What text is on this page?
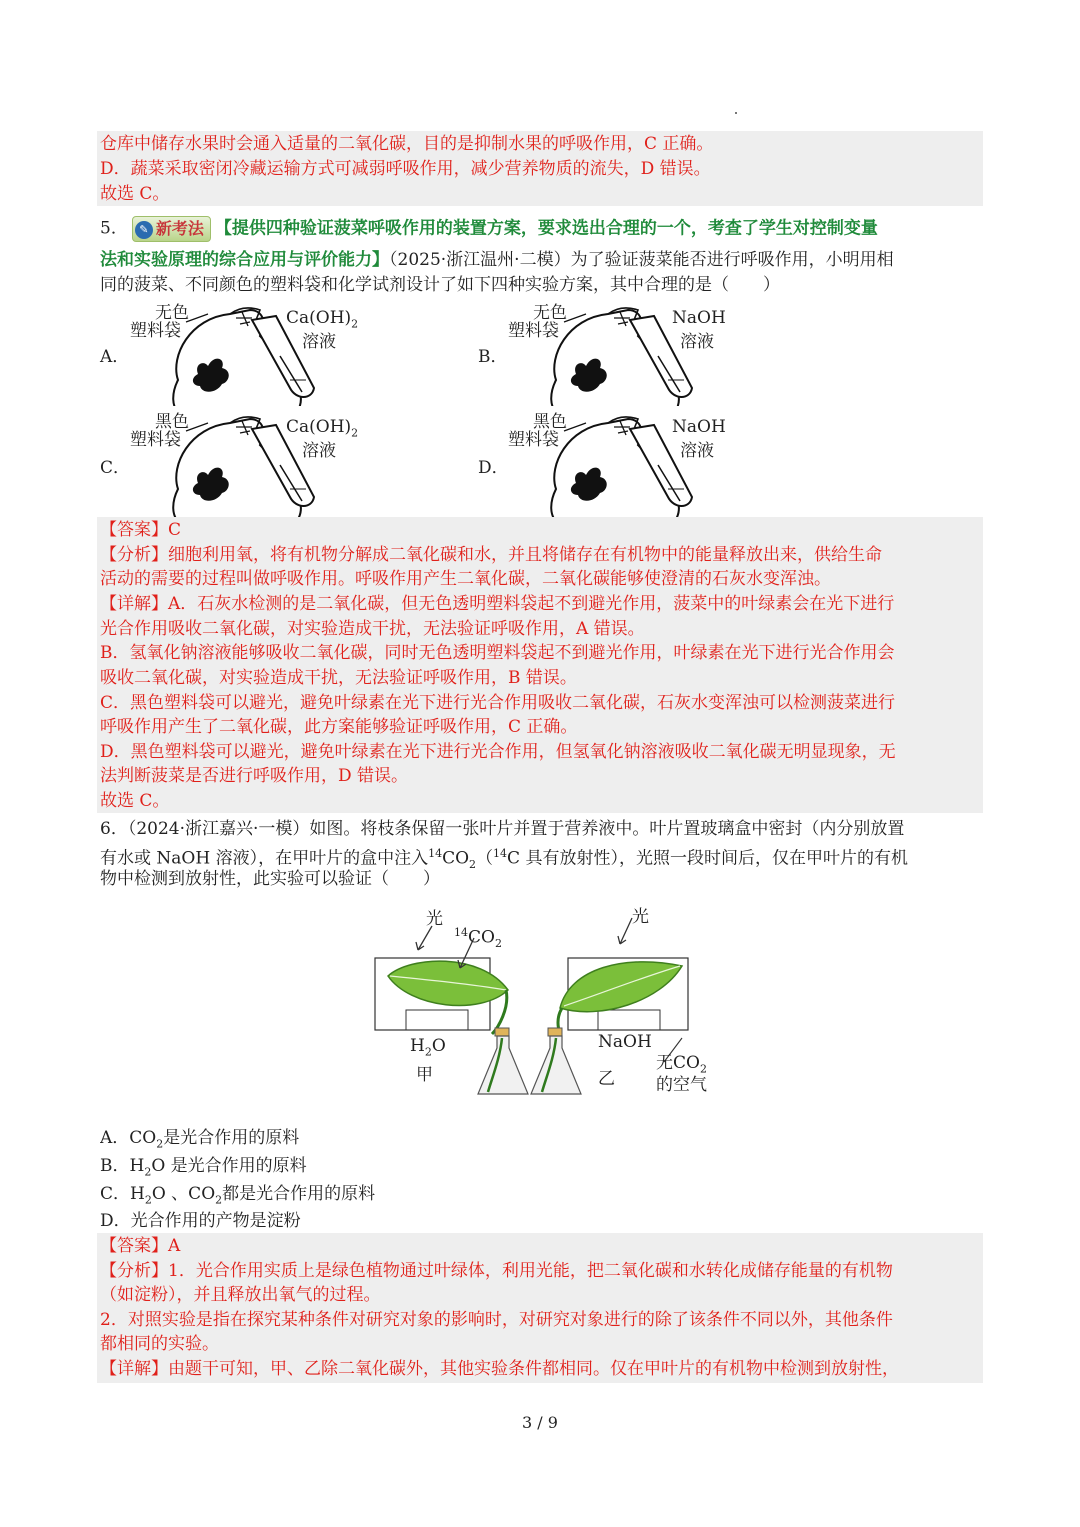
仓库中储存水果时会通入适量的二氧化碳，目的是抑制水果的呼吸作用，C 正确。
D．蔬菜采取密闭冷藏运输方式可减弱呼吸作用，减少营养物质的流失，D 错误。
故选 C。
5． ✎ 新考法 【提供四种验证菠菜呼吸作用的装置方案，要求选出合理的一个，考查了学生对控制变量
法和实验原理的综合应用与评价能力】（2025·浙江温州·二模）为了验证菠菜能否进行呼吸作用，小明用相
同的菠菜、不同颜色的塑料袋和化学试剂设计了如下四种实验方案，其中合理的是（　　）
A．
无色
塑料袋
$Ca(OH)_2$
溶液
B．
无色
塑料袋
NaOH
溶液
C．
黑色
塑料袋
$Ca(OH)_2$
溶液
D．
黑色
塑料袋
NaOH
溶液
【答案】C
【分析】细胞利用氧，将有机物分解成二氧化碳和水，并且将储存在有机物中的能量释放出来，供给生命
活动的需要的过程叫做呼吸作用。呼吸作用产生二氧化碳，二氧化碳能够使澄清的石灰水变浑浊。
【详解】A．石灰水检测的是二氧化碳，但无色透明塑料袋起不到避光作用，菠菜中的叶绿素会在光下进行
光合作用吸收二氧化碳，对实验造成干扰，无法验证呼吸作用，A 错误。
B．氢氧化钠溶液能够吸收二氧化碳，同时无色透明塑料袋起不到避光作用，叶绿素在光下进行光合作用会
吸收二氧化碳，对实验造成干扰，无法验证呼吸作用，B 错误。
C．黑色塑料袋可以避光，避免叶绿素在光下进行光合作用吸收二氧化碳，石灰水变浑浊可以检测菠菜进行
呼吸作用产生了二氧化碳，此方案能够验证呼吸作用，C 正确。
D．黑色塑料袋可以避光，避免叶绿素在光下进行光合作用，但氢氧化钠溶液吸收二氧化碳无明显现象，无
法判断菠菜是否进行呼吸作用，D 错误。
故选 C。
6．（2024·浙江嘉兴·一模）如图。将枝条保留一张叶片并置于营养液中。叶片置玻璃盒中密封（内分别放置
有水或 NaOH 溶液），在甲叶片的盒中注入$^{14}CO_2(^{14}C$ 具有放射性），光照一段时间后，仅在甲叶片的有机
物中检测到放射性，此实验可以验证（　　）
光
$^{14}CO_2$
光
$H_2O$
甲
NaOH
乙
无$CO_2$
的空气
A．$CO_2$是光合作用的原料
B．$H_2O$ 是光合作用的原料
C．$H_2O$ 、$CO_2$都是光合作用的原料
D．光合作用的产物是淀粉
【答案】A
【分析】1．光合作用实质上是绿色植物通过叶绿体，利用光能，把二氧化碳和水转化成储存能量的有机物
（如淀粉），并且释放出氧气的过程。
2．对照实验是指在探究某种条件对研究对象的影响时，对研究对象进行的除了该条件不同以外，其他条件
都相同的实验。
【详解】由题干可知，甲、乙除二氧化碳外，其他实验条件都相同。仅在甲叶片的有机物中检测到放射性，
3 / 9
